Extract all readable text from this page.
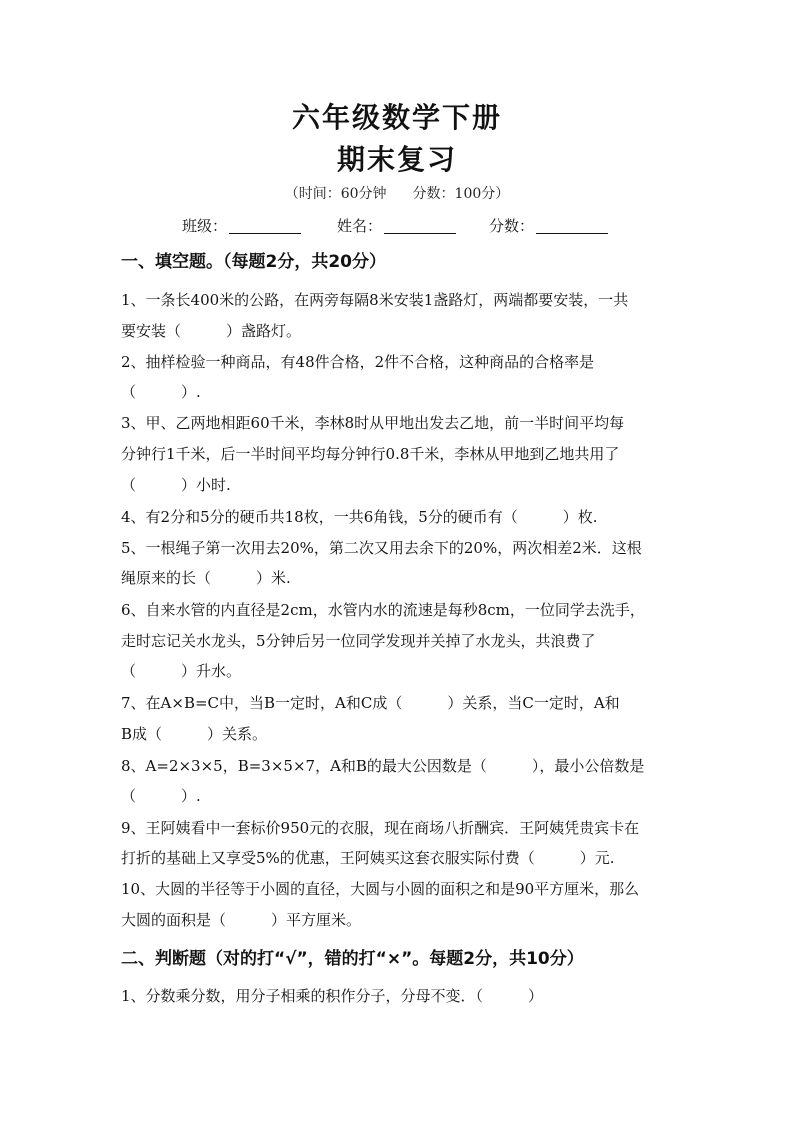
六年级数学下册
期末复习
（时间：60分钟 分数：100分）
班级：	姓名：	分数：
一、填空题。（每题2分，共20分）
1、一条长400米的公路，在两旁每隔8米安装1盏路灯，两端都要安装，一共
要安装（　　　）盏路灯。
2、抽样检验一种商品，有48件合格，2件不合格，这种商品的合格率是
（　　　）.
3、甲、乙两地相距60千米，李林8时从甲地出发去乙地，前一半时间平均每
分钟行1千米，后一半时间平均每分钟行0.8千米，李林从甲地到乙地共用了
（　　　）小时.
4、有2分和5分的硬币共18枚，一共6角钱，5分的硬币有（　　　）枚.
5、一根绳子第一次用去20%，第二次又用去余下的20%，两次相差2米．这根
绳原来的长（　　　）米.
6、自来水管的内直径是2cm，水管内水的流速是每秒8cm，一位同学去洗手，
走时忘记关水龙头，5分钟后另一位同学发现并关掉了水龙头，共浪费了
（　　　）升水。
7、在A×B=C中，当B一定时，A和C成（　　　）关系，当C一定时，A和
B成（　　　）关系。
8、A=2×3×5，B=3×5×7，A和B的最大公因数是（　　　），最小公倍数是
（　　　）.
9、王阿姨看中一套标价950元的衣服，现在商场八折酬宾．王阿姨凭贵宾卡在
打折的基础上又享受5%的优惠，王阿姨买这套衣服实际付费（　　　）元.
10、大圆的半径等于小圆的直径，大圆与小圆的面积之和是90平方厘米，那么
大圆的面积是（　　　）平方厘米。
二、判断题（对的打“√”，错的打“×”。每题2分，共10分）
1、分数乘分数，用分子相乘的积作分子，分母不变．（　　　）
